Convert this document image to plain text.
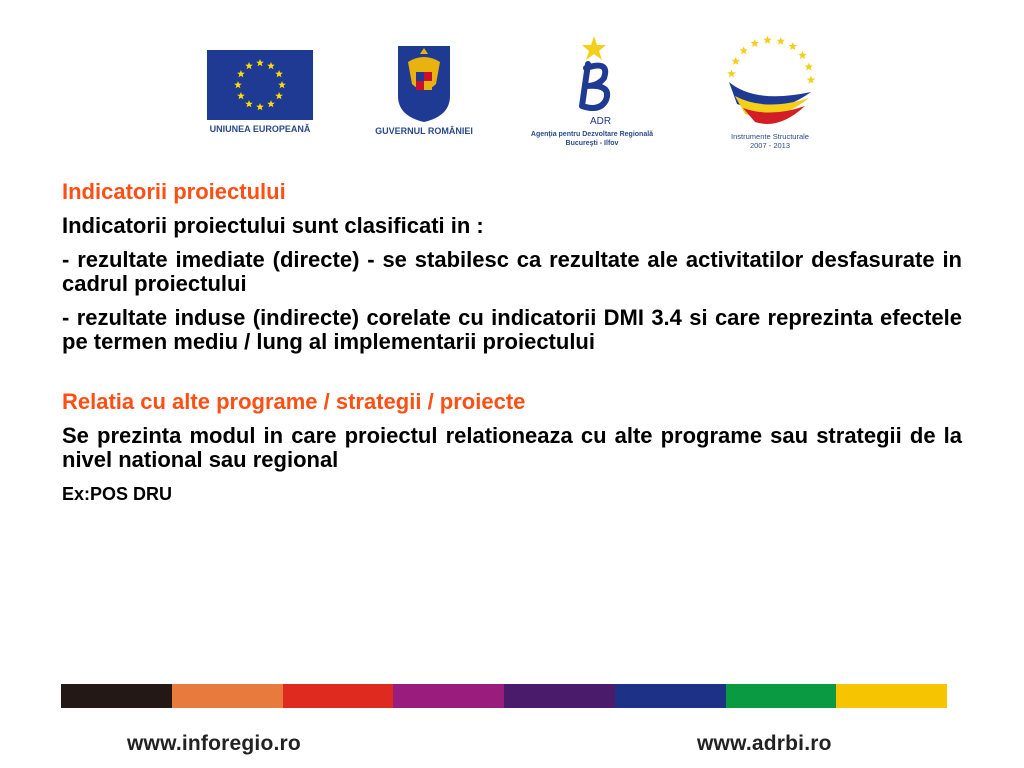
UNIUNEA EUROPEANĂ	GUVERNUL ROMÂNIEI
ADR
Agenţia pentru Dezvoltare Regională
Bucureşti - Ilfov
Instrumente Structurale
2007 - 2013
Indicatorii proiectului
Indicatorii proiectului sunt clasificati in :
- rezultate imediate (directe) - se stabilesc ca rezultate ale activitatilor desfasurate in cadrul proiectului
- rezultate induse (indirecte) corelate cu indicatorii DMI 3.4 si care reprezinta efectele pe termen mediu / lung al implementarii proiectului
Relatia cu alte programe / strategii / proiecte
Se prezinta modul in care proiectul relationeaza cu alte programe sau strategii de la nivel national sau regional
Ex:POS DRU
www.inforegio.ro	www.adrbi.ro
